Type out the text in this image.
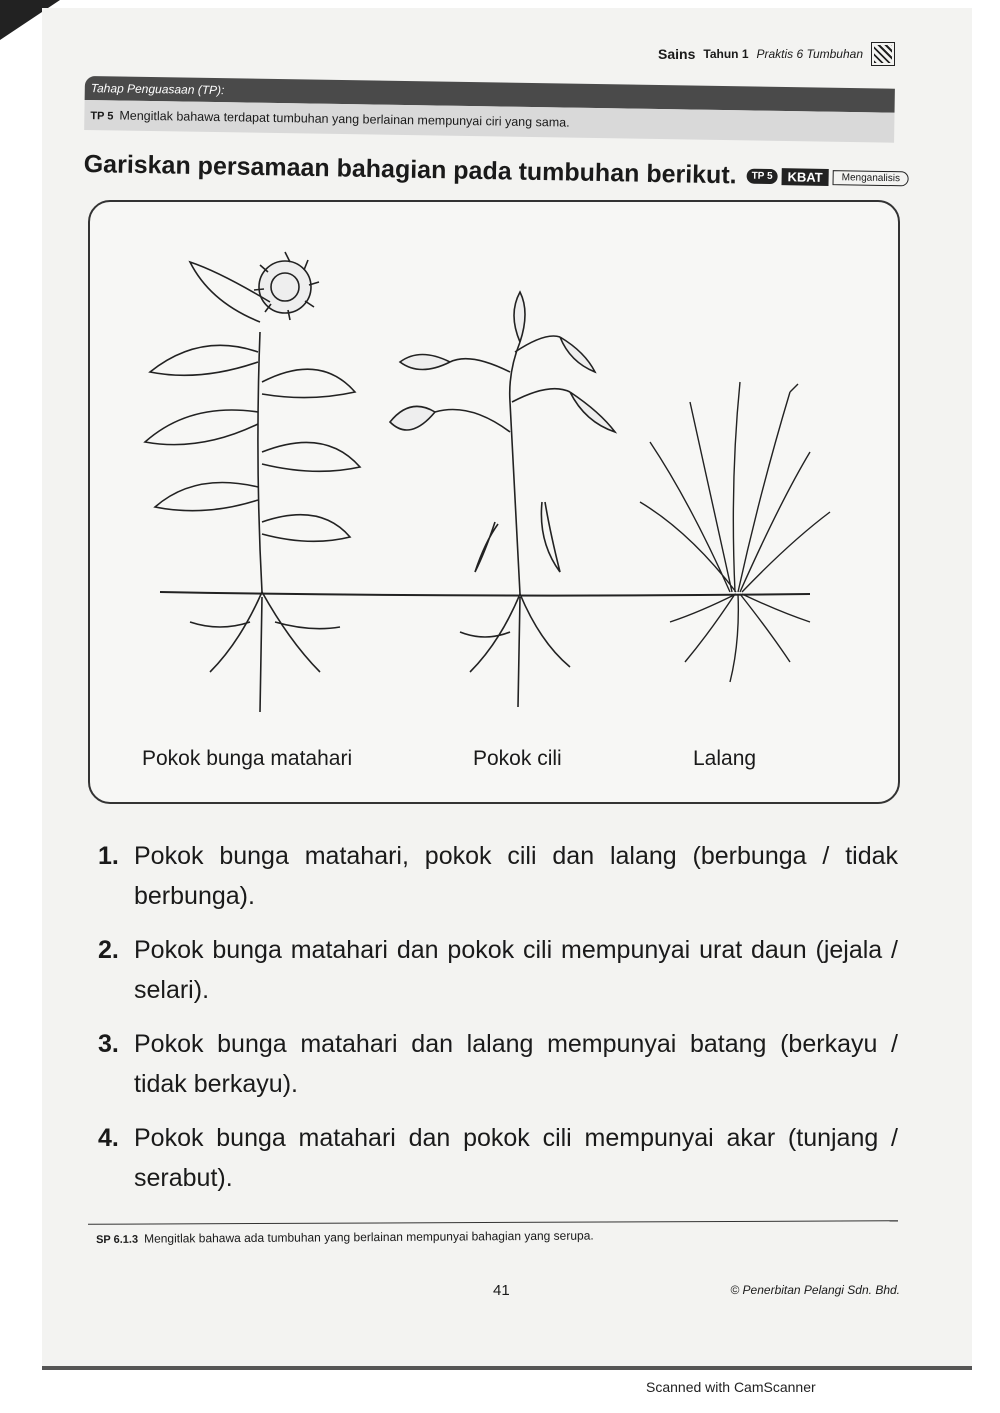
Sains Tahun 1 Praktis 6 Tumbuhan
Tahap Penguasaan (TP):
TP 5 Mengitlak bahawa terdapat tumbuhan yang berlainan mempunyai ciri yang sama.
Gariskan persamaan bahagian pada tumbuhan berikut.	TP 5	KBAT	Menganalisis
Pokok bunga matahari	Pokok cili	Lalang
1. Pokok bunga matahari, pokok cili dan lalang (berbunga / tidak berbunga).
2. Pokok bunga matahari dan pokok cili mempunyai urat daun (jejala / selari).
3. Pokok bunga matahari dan lalang mempunyai batang (berkayu / tidak berkayu).
4. Pokok bunga matahari dan pokok cili mempunyai akar (tunjang / serabut).
SP 6.1.3 Mengitlak bahawa ada tumbuhan yang berlainan mempunyai bahagian yang serupa.
41	© Penerbitan Pelangi Sdn. Bhd.
Scanned with CamScanner
